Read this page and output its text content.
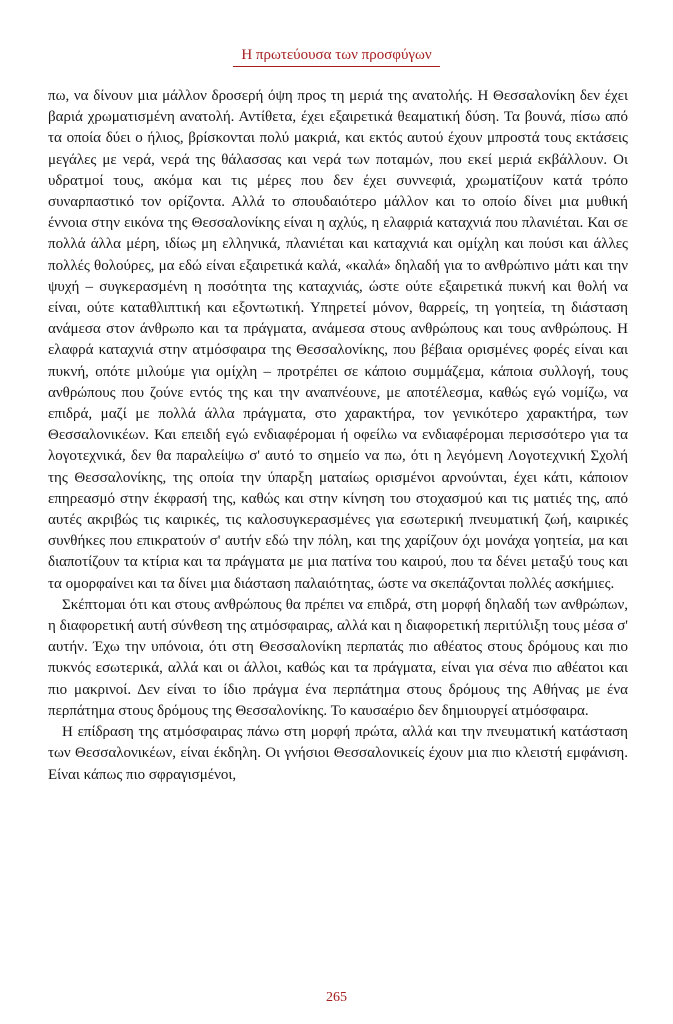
Η πρωτεύουσα των προσφύγων

πω, να δίνουν μια μάλλον δροσερή όψη προς τη μεριά της ανατολής. Η Θεσσαλονίκη δεν έχει βαριά χρωματισμένη ανατολή. Αντίθετα, έχει εξαιρετικά θεαματική δύση. Τα βουνά, πίσω από τα οποία δύει ο ήλιος, βρίσκονται πολύ μακριά, και εκτός αυτού έχουν μπροστά τους εκτάσεις μεγάλες με νερά, νερά της θάλασσας και νερά των ποταμών, που εκεί μεριά εκβάλλουν. Οι υδρατμοί τους, ακόμα και τις μέρες που δεν έχει συννεφιά, χρωματίζουν κατά τρόπο συναρπαστικό τον ορίζοντα. Αλλά το σπουδαιότερο μάλλον και το οποίο δίνει μια μυθική έννοια στην εικόνα της Θεσσαλονίκης είναι η αχλύς, η ελαφριά καταχνιά που πλανιέται. Και σε πολλά άλλα μέρη, ιδίως μη ελληνικά, πλανιέται και καταχνιά και ομίχλη και πούσι και άλλες πολλές θολούρες, μα εδώ είναι εξαιρετικά καλά, «καλά» δηλαδή για το ανθρώπινο μάτι και την ψυχή – συγκερασμένη η ποσότητα της καταχνιάς, ώστε ούτε εξαιρετικά πυκνή και θολή να είναι, ούτε καταθλιπτική και εξοντωτική. Υπηρετεί μόνον, θαρρείς, τη γοητεία, τη διάσταση ανάμεσα στον άνθρωπο και τα πράγματα, ανάμεσα στους ανθρώπους και τους ανθρώπους. Η ελαφρά καταχνιά στην ατμόσφαιρα της Θεσσαλονίκης, που βέβαια ορισμένες φορές είναι και πυκνή, οπότε μιλούμε για ομίχλη – προτρέπει σε κάποιο συμμάζεμα, κάποια συλλογή, τους ανθρώπους που ζούνε εντός της και την αναπνέουνε, με αποτέλεσμα, καθώς εγώ νομίζω, να επιδρά, μαζί με πολλά άλλα πράγματα, στο χαρακτήρα, τον γενικότερο χαρακτήρα, των Θεσσαλονικέων. Και επειδή εγώ ενδιαφέρομαι ή οφείλω να ενδιαφέρομαι περισσότερο για τα λογοτεχνικά, δεν θα παραλείψω σ' αυτό το σημείο να πω, ότι η λεγόμενη Λογοτεχνική Σχολή της Θεσσαλονίκης, της οποία την ύπαρξη ματαίως ορισμένοι αρνούνται, έχει κάτι, κάποιον επηρεασμό στην έκφρασή της, καθώς και στην κίνηση του στοχασμού και τις ματιές της, από αυτές ακριβώς τις καιρικές, τις καλοσυγκερασμένες για εσωτερική πνευματική ζωή, καιρικές συνθήκες που επικρατούν σ' αυτήν εδώ την πόλη, και της χαρίζουν όχι μονάχα γοητεία, μα και διαποτίζουν τα κτίρια και τα πράγματα με μια πατίνα του καιρού, που τα δένει μεταξύ τους και τα ομορφαίνει και τα δίνει μια διάσταση παλαιότητας, ώστε να σκεπάζονται πολλές ασκήμιες.

Σκέπτομαι ότι και στους ανθρώπους θα πρέπει να επιδρά, στη μορφή δηλαδή των ανθρώπων, η διαφορετική αυτή σύνθεση της ατμόσφαιρας, αλλά και η διαφορετική περιτύλιξη τους μέσα σ' αυτήν. Έχω την υπόνοια, ότι στη Θεσσαλονίκη περπατάς πιο αθέατος στους δρόμους και πιο πυκνός εσωτερικά, αλλά και οι άλλοι, καθώς και τα πράγματα, είναι για σένα πιο αθέατοι και πιο μακρινοί. Δεν είναι το ίδιο πράγμα ένα περπάτημα στους δρόμους της Αθήνας με ένα περπάτημα στους δρόμους της Θεσσαλονίκης. Το καυσαέριο δεν δημιουργεί ατμόσφαιρα.

Η επίδραση της ατμόσφαιρας πάνω στη μορφή πρώτα, αλλά και την πνευματική κατάσταση των Θεσσαλονικέων, είναι έκδηλη. Οι γνήσιοι Θεσσαλονικείς έχουν μια πιο κλειστή εμφάνιση. Είναι κάπως πιο σφραγισμένοι,

265
